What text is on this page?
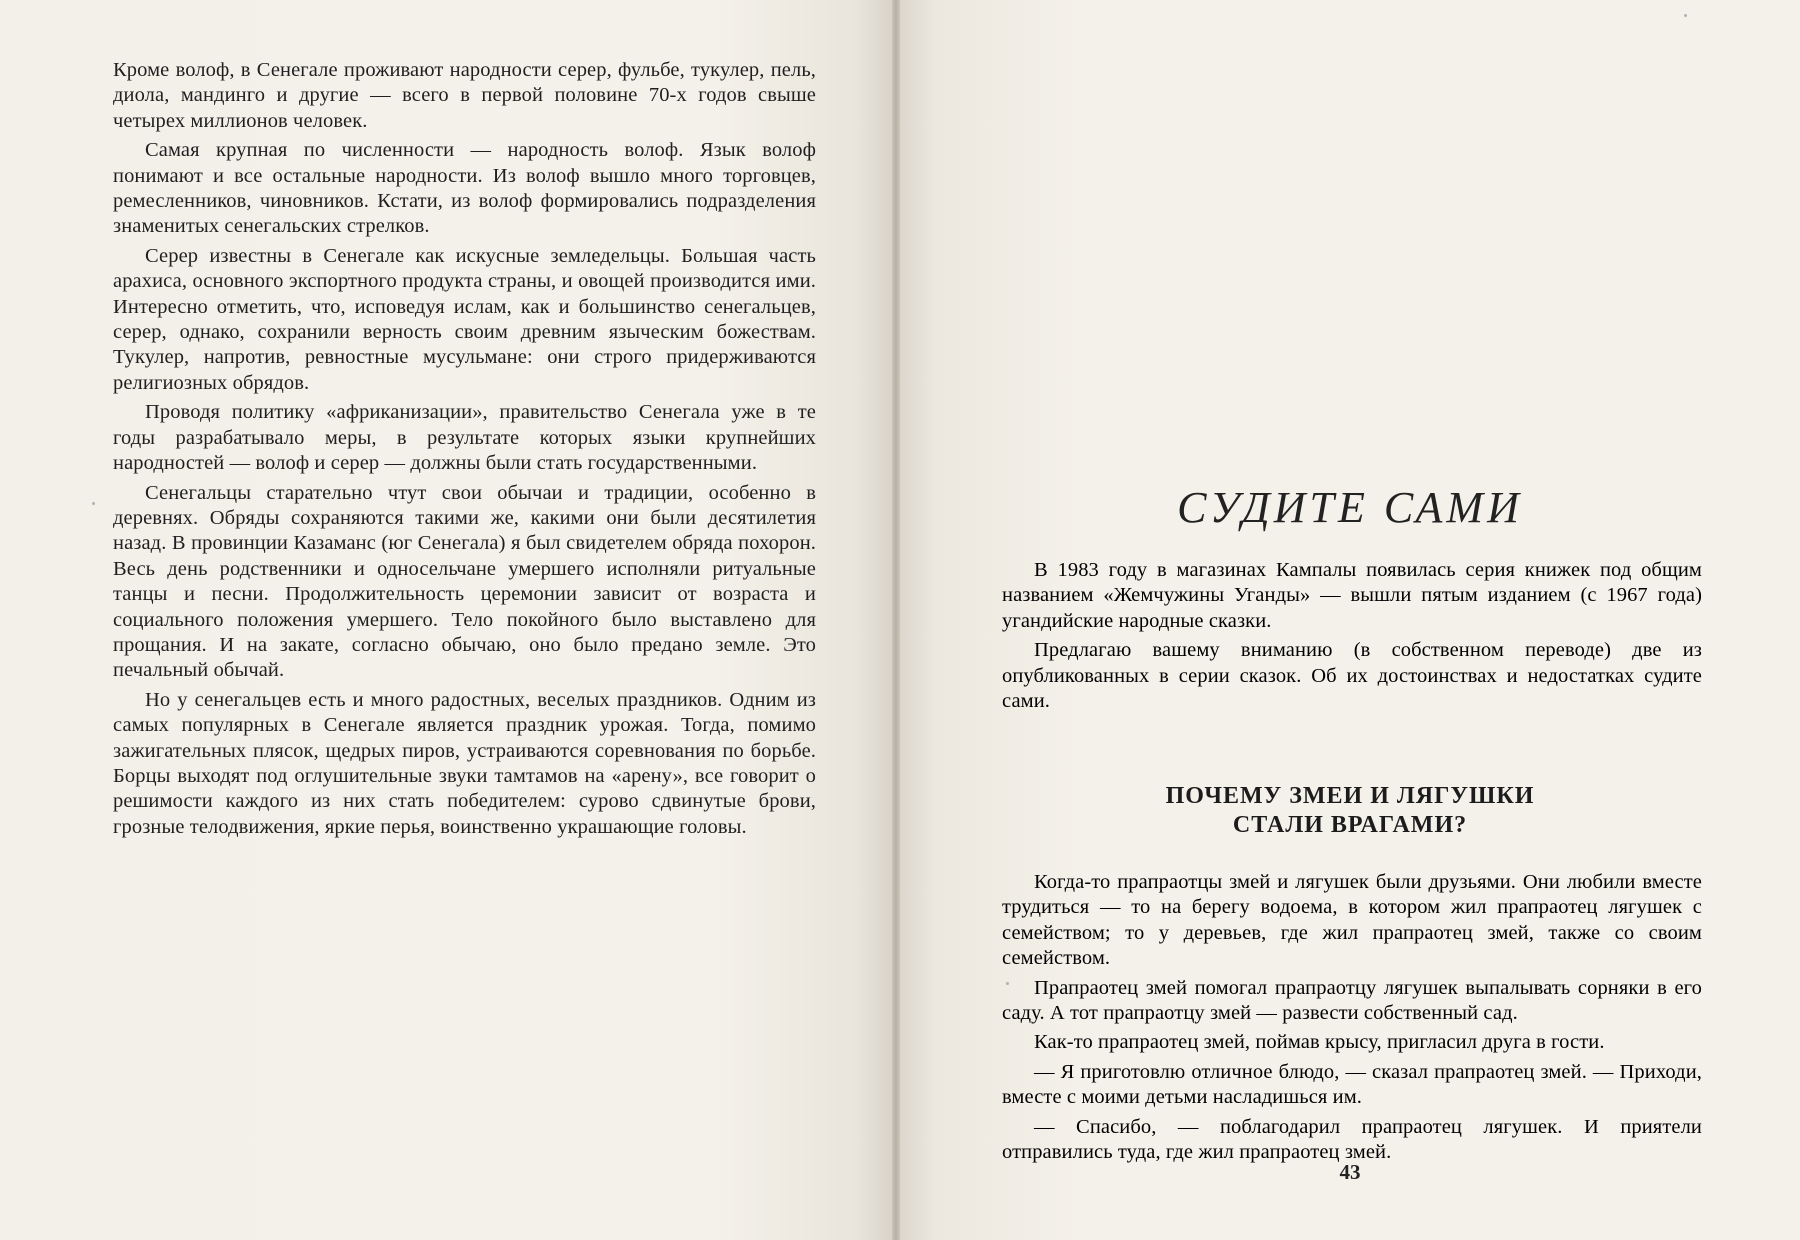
Кроме волоф, в Сенегале проживают народности серер, фульбе, тукулер, пель, диола, мандинго и другие — всего в первой половине 70-х годов свыше четырех миллионов человек.

Самая крупная по численности — народность волоф. Язык волоф понимают и все остальные народности. Из волоф вышло много торговцев, ремесленников, чиновников. Кстати, из волоф формировались подразделения знаменитых сенегальских стрелков.

Серер известны в Сенегале как искусные земледельцы. Большая часть арахиса, основного экспортного продукта страны, и овощей производится ими. Интересно отметить, что, исповедуя ислам, как и большинство сенегальцев, серер, однако, сохранили верность своим древним языческим божествам. Тукулер, напротив, ревностные мусульмане: они строго придерживаются религиозных обрядов.

Проводя политику «африканизации», правительство Сенегала уже в те годы разрабатывало меры, в результате которых языки крупнейших народностей — волоф и серер — должны были стать государственными.

Сенегальцы старательно чтут свои обычаи и традиции, особенно в деревнях. Обряды сохраняются такими же, какими они были десятилетия назад. В провинции Казаманс (юг Сенегала) я был свидетелем обряда похорон. Весь день родственники и односельчане умершего исполняли ритуальные танцы и песни. Продолжительность церемонии зависит от возраста и социального положения умершего. Тело покойного было выставлено для прощания. И на закате, согласно обычаю, оно было предано земле. Это печальный обычай.

Но у сенегальцев есть и много радостных, веселых праздников. Одним из самых популярных в Сенегале является праздник урожая. Тогда, помимо зажигательных плясок, щедрых пиров, устраиваются соревнования по борьбе. Борцы выходят под оглушительные звуки тамтамов на «арену», все говорит о решимости каждого из них стать победителем: сурово сдвинутые брови, грозные телодвижения, яркие перья, воинственно украшающие головы.

СУДИТЕ САМИ

В 1983 году в магазинах Кампалы появилась серия книжек под общим названием «Жемчужины Уганды» — вышли пятым изданием (с 1967 года) угандийские народные сказки.

Предлагаю вашему вниманию (в собственном переводе) две из опубликованных в серии сказок. Об их достоинствах и недостатках судите сами.

ПОЧЕМУ ЗМЕИ И ЛЯГУШКИ
СТАЛИ ВРАГАМИ?

Когда-то прапраотцы змей и лягушек были друзьями. Они любили вместе трудиться — то на берегу водоема, в котором жил прапраотец лягушек с семейством; то у деревьев, где жил прапраотец змей, также со своим семейством.

Прапраотец змей помогал прапраотцу лягушек выпалывать сорняки в его саду. А тот прапраотцу змей — развести собственный сад.

Как-то прапраотец змей, поймав крысу, пригласил друга в гости.

— Я приготовлю отличное блюдо, — сказал прапраотец змей. — Приходи, вместе с моими детьми насладишься им.

— Спасибо, — поблагодарил прапраотец лягушек. И приятели отправились туда, где жил прапраотец змей.

43
